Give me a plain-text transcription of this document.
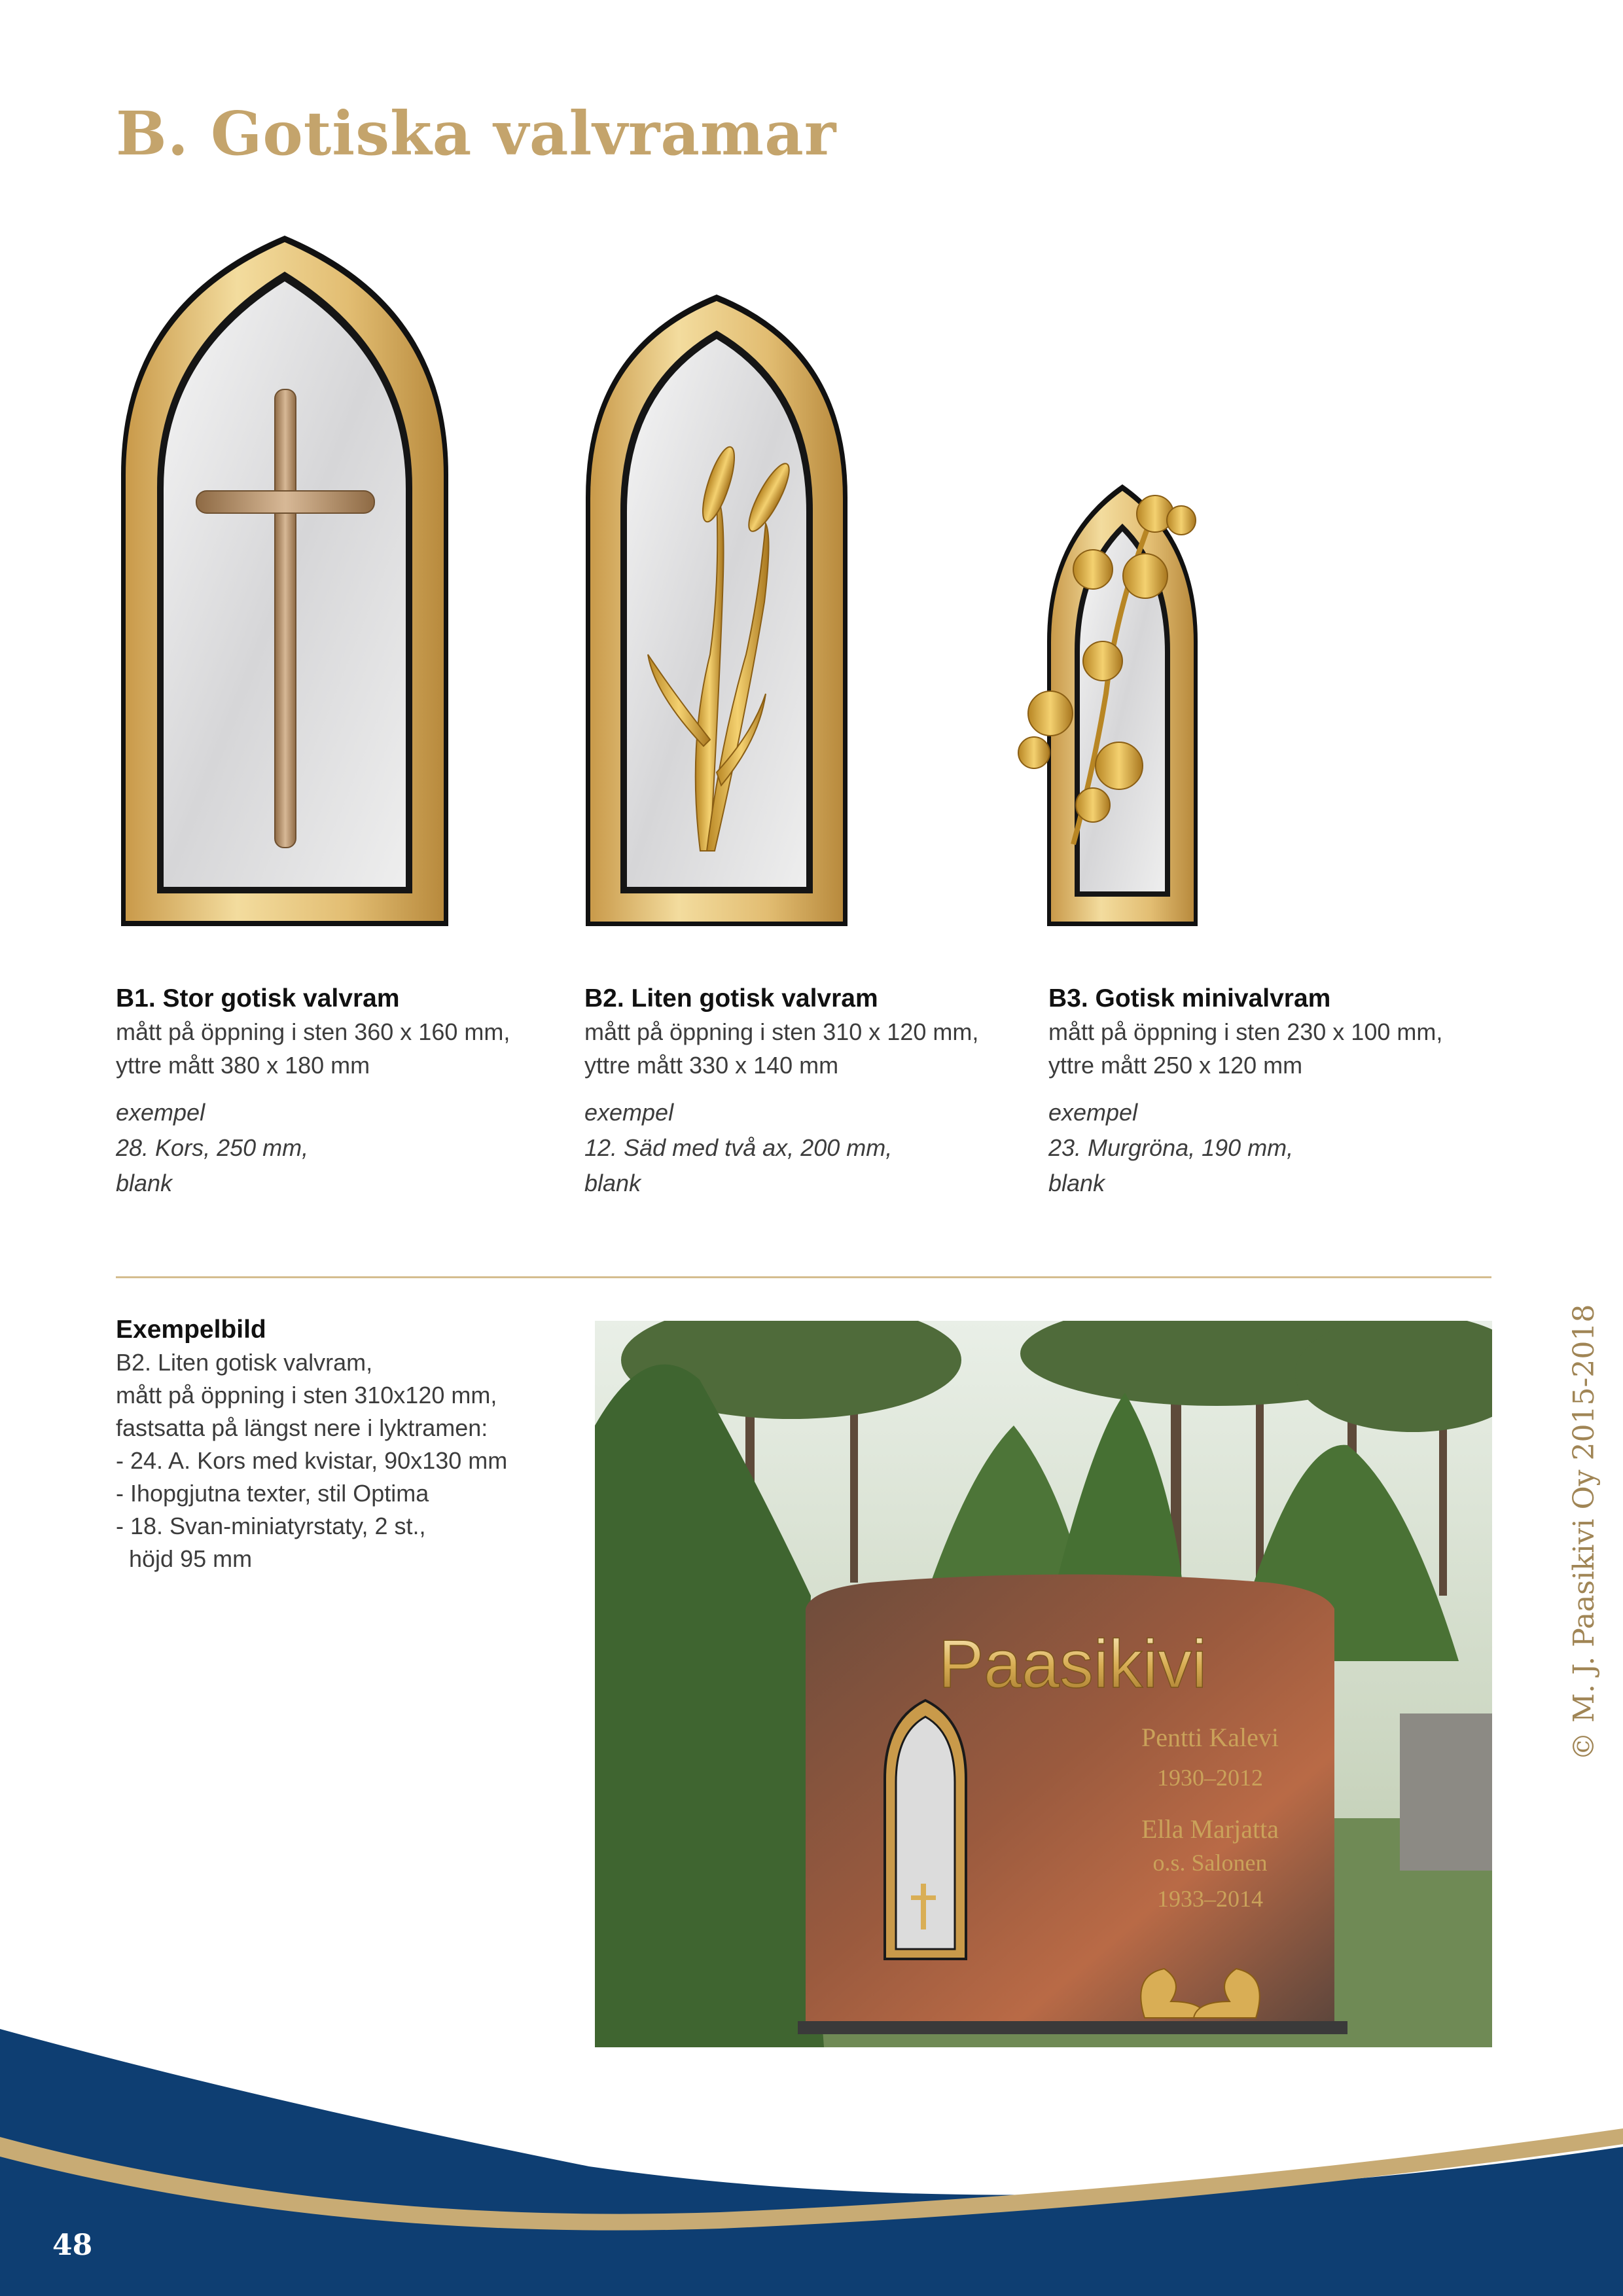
B. Gotiska valvramar
B1. Stor gotisk valvram
mått på öppning i sten 360 x 160 mm,
yttre mått 380 x 180 mm
exempel
28. Kors, 250 mm,
blank
B2. Liten gotisk valvram
mått på öppning i sten 310 x 120 mm,
yttre mått 330 x 140 mm
exempel
12. Säd med två ax, 200 mm,
blank
B3. Gotisk minivalvram
mått på öppning i sten 230 x 100 mm,
yttre mått 250 x 120 mm
exempel
23. Murgröna, 190 mm,
blank
Exempelbild
B2. Liten gotisk valvram,
mått på öppning i sten 310x120 mm,
fastsatta på längst nere i lyktramen:
- 24. A. Kors med kvistar, 90x130 mm
- Ihopgjutna texter, stil Optima
- 18. Svan-miniatyrstaty, 2 st.,
höjd 95 mm
Paasikivi
Pentti Kalevi
1930–2012
Ella Marjatta
o.s. Salonen
1933–2014
© M. J. Paasikivi Oy 2015-2018
48
